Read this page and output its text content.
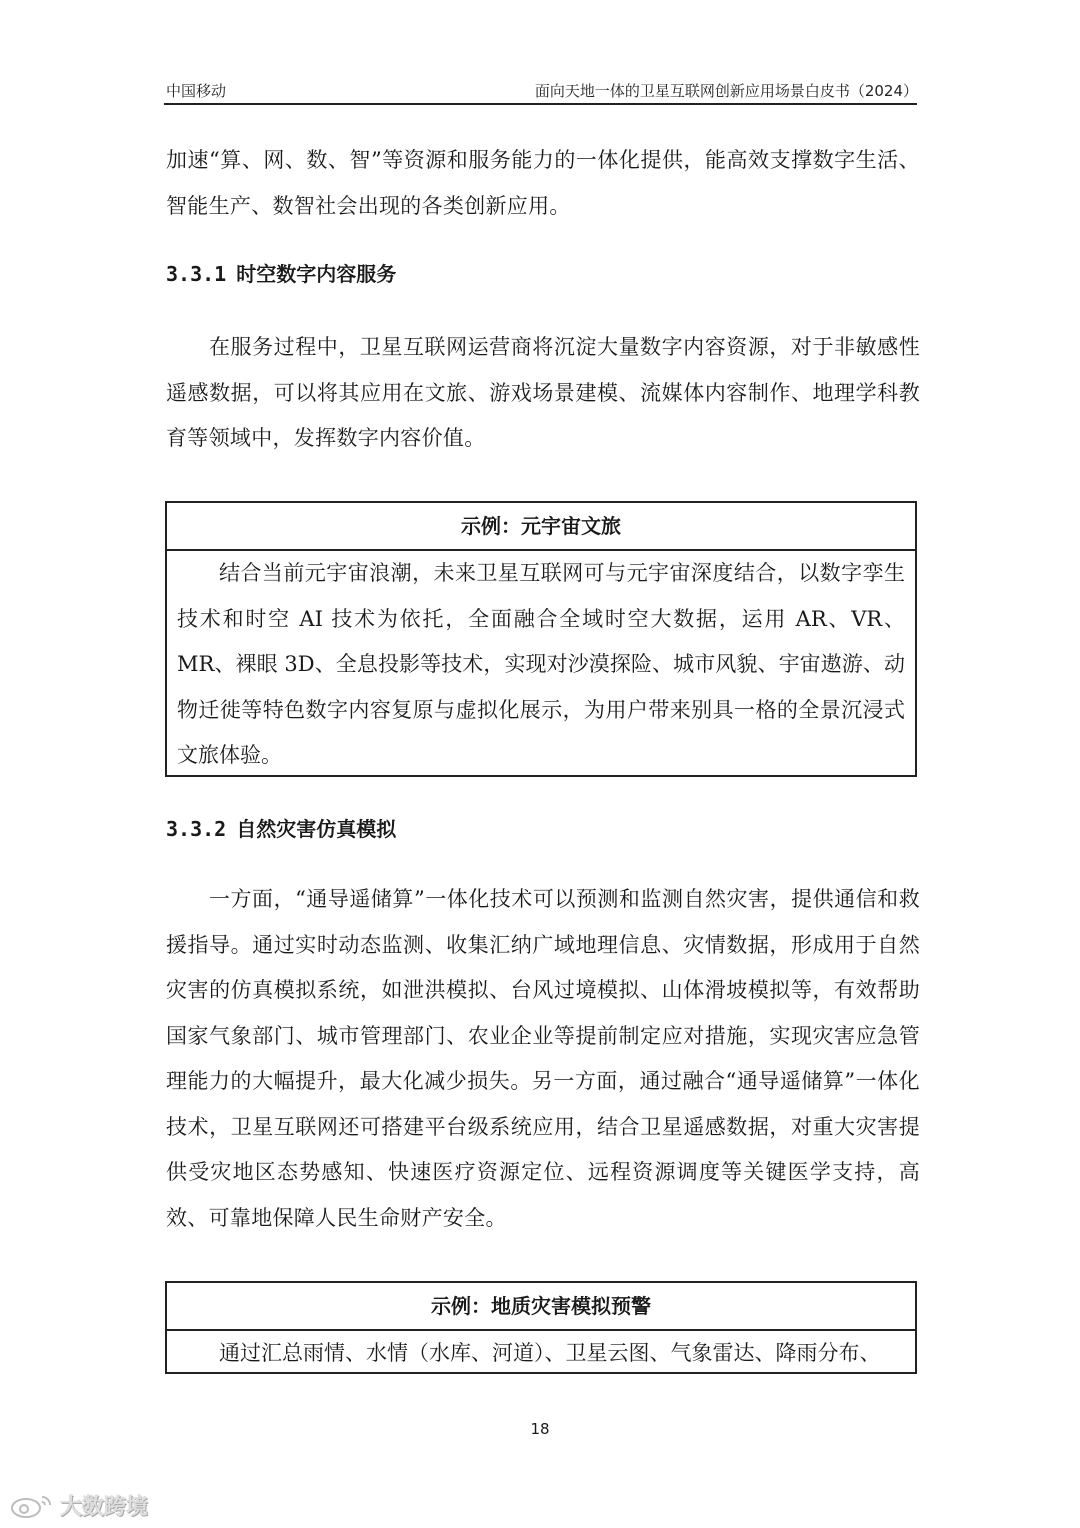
中国移动	面向天地一体的卫星互联网创新应用场景白皮书（2024）

加速“算、网、数、智”等资源和服务能力的一体化提供，能高效支撑数字生活、智能生产、数智社会出现的各类创新应用。

3.3.1 时空数字内容服务

在服务过程中，卫星互联网运营商将沉淀大量数字内容资源，对于非敏感性遥感数据，可以将其应用在文旅、游戏场景建模、流媒体内容制作、地理学科教育等领域中，发挥数字内容价值。

示例：元宇宙文旅

结合当前元宇宙浪潮，未来卫星互联网可与元宇宙深度结合，以数字孪生技术和时空 AI 技术为依托，全面融合全域时空大数据，运用 AR、VR、MR、裸眼 3D、全息投影等技术，实现对沙漠探险、城市风貌、宇宙遨游、动物迁徙等特色数字内容复原与虚拟化展示，为用户带来别具一格的全景沉浸式文旅体验。

3.3.2 自然灾害仿真模拟

一方面，“通导遥储算”一体化技术可以预测和监测自然灾害，提供通信和救援指导。通过实时动态监测、收集汇纳广域地理信息、灾情数据，形成用于自然灾害的仿真模拟系统，如泄洪模拟、台风过境模拟、山体滑坡模拟等，有效帮助国家气象部门、城市管理部门、农业企业等提前制定应对措施，实现灾害应急管理能力的大幅提升，最大化减少损失。另一方面，通过融合“通导遥储算”一体化技术，卫星互联网还可搭建平台级系统应用，结合卫星遥感数据，对重大灾害提供受灾地区态势感知、快速医疗资源定位、远程资源调度等关键医学支持，高效、可靠地保障人民生命财产安全。

示例：地质灾害模拟预警

通过汇总雨情、水情（水库、河道）、卫星云图、气象雷达、降雨分布、

18
大数跨境
